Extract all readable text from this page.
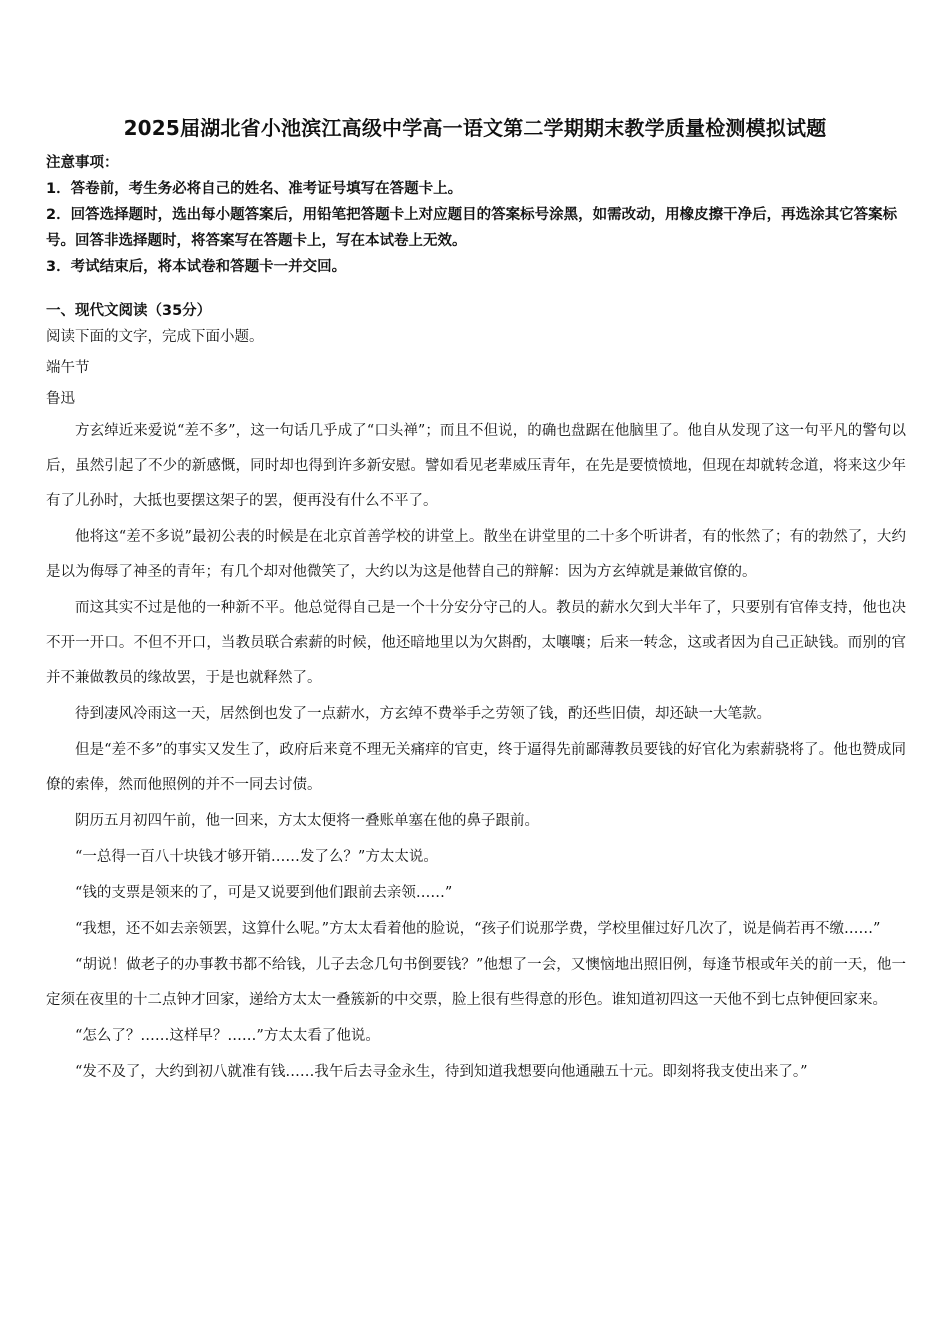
2025届湖北省小池滨江高级中学高一语文第二学期期末教学质量检测模拟试题

注意事项：

1．答卷前，考生务必将自己的姓名、准考证号填写在答题卡上。

2．回答选择题时，选出每小题答案后，用铅笔把答题卡上对应题目的答案标号涂黑，如需改动，用橡皮擦干净后，再选涂其它答案标号。回答非选择题时，将答案写在答题卡上，写在本试卷上无效。

3．考试结束后，将本试卷和答题卡一并交回。

一、现代文阅读（35分）

阅读下面的文字，完成下面小题。

端午节

鲁迅

方玄绰近来爱说“差不多”，这一句话几乎成了“口头禅”；而且不但说，的确也盘踞在他脑里了。他自从发现了这一句平凡的警句以后，虽然引起了不少的新感慨，同时却也得到许多新安慰。譬如看见老辈威压青年，在先是要愤愤地，但现在却就转念道，将来这少年有了儿孙时，大抵也要摆这架子的罢，便再没有什么不平了。

他将这“差不多说”最初公表的时候是在北京首善学校的讲堂上。散坐在讲堂里的二十多个听讲者，有的怅然了；有的勃然了，大约是以为侮辱了神圣的青年；有几个却对他微笑了，大约以为这是他替自己的辩解：因为方玄绰就是兼做官僚的。

而这其实不过是他的一种新不平。他总觉得自己是一个十分安分守己的人。教员的薪水欠到大半年了，只要别有官俸支持，他也决不开一开口。不但不开口，当教员联合索薪的时候，他还暗地里以为欠斟酌，太嚷嚷；后来一转念，这或者因为自己正缺钱。而别的官并不兼做教员的缘故罢，于是也就释然了。

待到凄风冷雨这一天，居然倒也发了一点薪水，方玄绰不费举手之劳领了钱，酌还些旧债，却还缺一大笔款。

但是“差不多”的事实又发生了，政府后来竟不理无关痛痒的官吏，终于逼得先前鄙薄教员要钱的好官化为索薪骁将了。他也赞成同僚的索俸，然而他照例的并不一同去讨债。

阴历五月初四午前，他一回来，方太太便将一叠账单塞在他的鼻子跟前。

“一总得一百八十块钱才够开销……发了么？”方太太说。

“钱的支票是领来的了，可是又说要到他们跟前去亲领……”

“我想，还不如去亲领罢，这算什么呢。”方太太看着他的脸说，“孩子们说那学费，学校里催过好几次了，说是倘若再不缴……”

“胡说！做老子的办事教书都不给钱，儿子去念几句书倒要钱？”他想了一会，又懊恼地出照旧例，每逢节根或年关的前一天，他一定须在夜里的十二点钟才回家，递给方太太一叠簇新的中交票，脸上很有些得意的形色。谁知道初四这一天他不到七点钟便回家来。

“怎么了？……这样早？……”方太太看了他说。

“发不及了，大约到初八就准有钱……我午后去寻金永生，待到知道我想要向他通融五十元。即刻将我支使出来了。”
